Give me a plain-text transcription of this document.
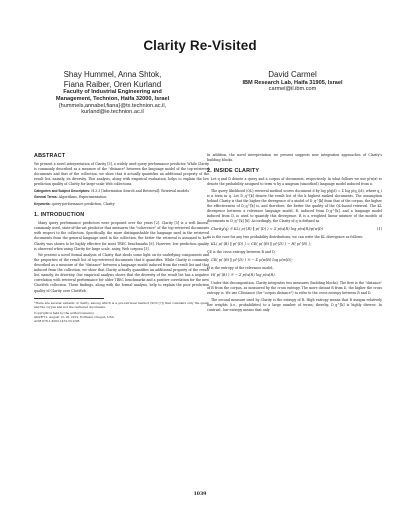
Clarity Re-Visited
Shay Hummel, Anna Shtok,
Fiana Raiber, Oren Kurland
Faculty of Industrial Engineering and
Management, Technion, Haifa 32000, Israel
{hummels,annabel,fiana}@tx.technion.ac.il,
kurland@ie.technion.ac.il
David Carmel
IBM Research Lab, Haifa 31905, Israel
carmel@il.ibm.com
ABSTRACT

We present a novel interpretation of Clarity [5], a widely used query performance predictor. While Clarity is commonly described as a measure of the "distance" between the language model of the top-retrieved documents and that of the collection, we show that it actually quantifies an additional property of the result list, namely, its diversity. This analysis, along with empirical evaluation, helps to explain the low prediction quality of Clarity for large-scale Web collections.

Categories and Subject Descriptors: H.3.3 [Information Search and Retrieval]: Retrieval models

General Terms: Algorithms, Experimentation

Keywords: query-performance prediction, Clarity

1. INTRODUCTION

Many query performance predictors were proposed over the years [2]. Clarity [5] is a well known, commonly used, state-of-the-art predictor that measures the "coherence" of the top-retrieved documents with respect to the collection. Specifically, the more distinguishable the language used in the retrieved documents from the general language used in the collection, the better the retrieval is assumed to be¹. Clarity was shown to be highly effective for most TREC benchmarks [6]. However, low prediction quality is observed when using Clarity for large scale, noisy, Web corpora [3].

We present a novel formal analysis of Clarity that sheds some light on its underlying components and the properties of the result list of top-retrieved documents that it quantifies. While Clarity is commonly described as a measure of the "distance" between a language model induced from the result list and that induced from the collection, we show that Clarity actually quantifies an additional property of the result list, namely, its diversity. Our empirical analysis shows that the diversity of the result list has a negative correlation with retrieval performance for older TREC benchmarks and a positive correlation for the new ClueWeb collection. These findings, along with the formal analysis, help to explain the poor prediction quality of Clarity over ClueWeb.

¹There are several variants of clarity, among which is a pre-retrieval method (SCS [7]) that considers only the query and the corpus and not the retrieved documents.
Copyright is held by the author/owner(s).
SIGIR'12, August 12–16, 2012, Portland, Oregon, USA.
ACM 978-1-4503-1472-5/12/08.

In addition, the novel interpretation we present suggests new integration approaches of Clarity's building blocks.

2. INSIDE CLARITY

Let q and D denote a query and a corpus of documents, respectively. In what follows we use p(w|x) to denote the probability assigned to term w by a unigram (smoothed) language model induced from x.

The query likelihood (QL) retrieval method scores document d by log p(q|d) = Σ log p(q_i|d), where q_i is a term in q. Let D_q^[k] denote the result list of the k highest ranked documents. The assumption behind Clarity is that the higher the divergence of a model of D_q^[k] from that of the corpus, the higher the effectiveness of D_q^[k] is, and therefore, the better the quality of the QL-based retrieval. The KL divergence between a relevance language model, R, induced from D_q^[k], and a language model induced from D, is used to quantify this divergence. R is a weighted linear mixture of the models of documents in D_q^[k] [8]. Accordingly, the Clarity of q is defined as

Clarity(q) ≝ KL( p(·|R) ‖ p(·|D) ) = Σ p(w|R) log p(w|R)/p(w|D)	(1)

As is the case for any two probability distributions, we can write the KL divergence as follows:

KL( p(·|R) ‖ p(·|D) ) = CE( p(·|R) ‖ p(·|D) ) − H( p(·|R) );

CE is the cross entropy between R and D,

CE( p(·|R) ‖ p(·|D) ) ≝ − Σ p(w|R) log p(w|D);

H is the entropy of the relevance model,

H( p(·|R) ) ≝ − Σ p(w|R) log p(w|R).

Under this decomposition, Clarity integrates two measures (building blocks). The first is the "distance" of R from the corpus, as measured by the cross entropy. The more distant R from D, the higher the cross entropy is. We use CDistance (for "corpus distance") to refer to the cross entropy between R and D.

The second measure used by Clarity is the entropy of R. High entropy means that R assigns relatively low weights (i.e., probabilities) to a large number of terms; thereby, D_q^[k] is highly diverse. In contrast, low entropy means that only

1039
